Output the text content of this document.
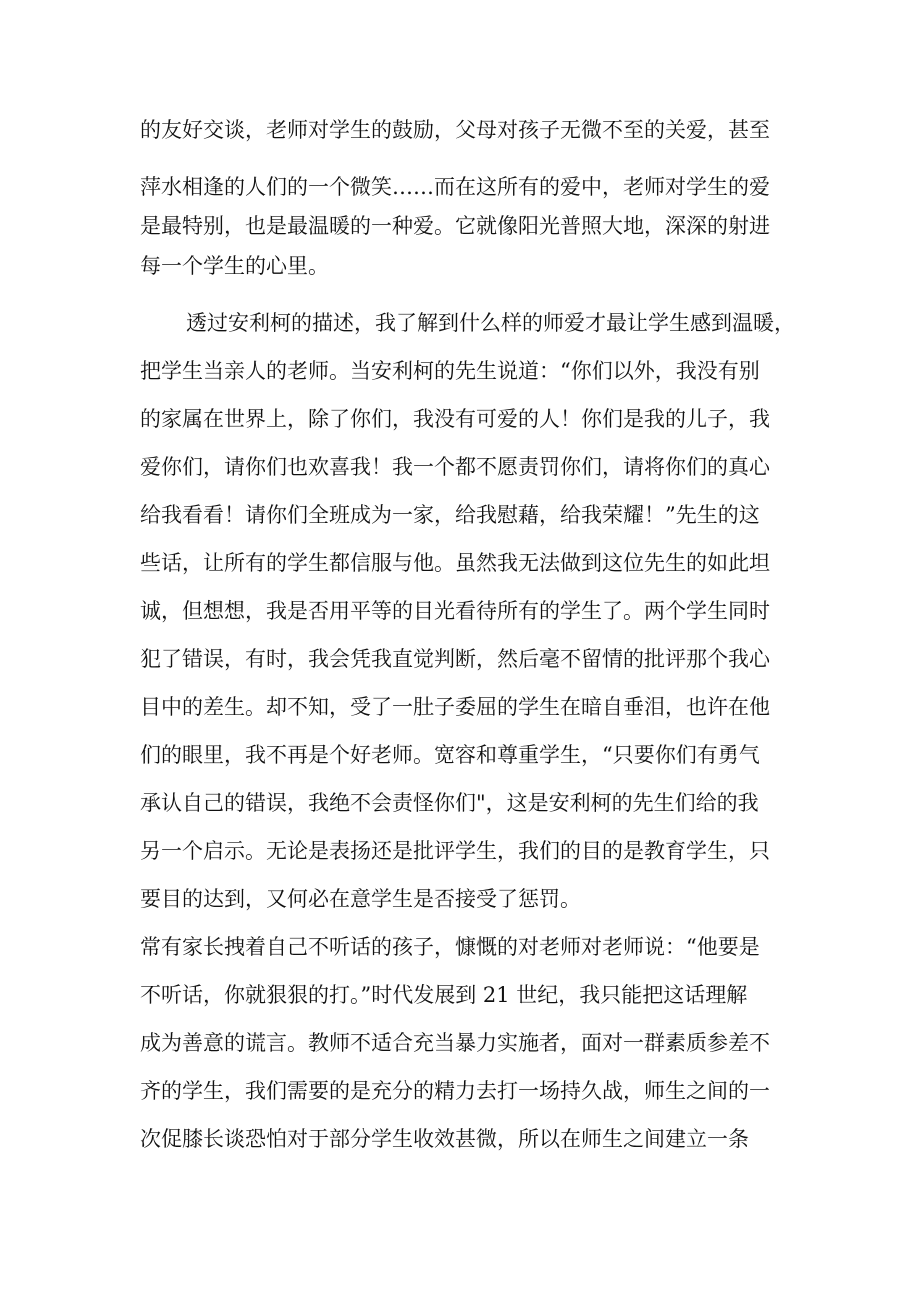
的友好交谈，老师对学生的鼓励，父母对孩子无微不至的关爱，甚至
萍水相逢的人们的一个微笑……而在这所有的爱中，老师对学生的爱
是最特别，也是最温暖的一种爱。它就像阳光普照大地，深深的射进
每一个学生的心里。
透过安利柯的描述，我了解到什么样的师爱才最让学生感到温暖，
把学生当亲人的老师。当安利柯的先生说道：“你们以外，我没有别
的家属在世界上，除了你们，我没有可爱的人！你们是我的儿子，我
爱你们，请你们也欢喜我！我一个都不愿责罚你们，请将你们的真心
给我看看！请你们全班成为一家，给我慰藉，给我荣耀！”先生的这
些话，让所有的学生都信服与他。虽然我无法做到这位先生的如此坦
诚，但想想，我是否用平等的目光看待所有的学生了。两个学生同时
犯了错误，有时，我会凭我直觉判断，然后毫不留情的批评那个我心
目中的差生。却不知，受了一肚子委屈的学生在暗自垂泪，也许在他
们的眼里，我不再是个好老师。宽容和尊重学生，“只要你们有勇气
承认自己的错误，我绝不会责怪你们"，这是安利柯的先生们给的我
另一个启示。无论是表扬还是批评学生，我们的目的是教育学生，只
要目的达到，又何必在意学生是否接受了惩罚。
常有家长拽着自己不听话的孩子，慷慨的对老师对老师说：“他要是
不听话，你就狠狠的打。”时代发展到 21 世纪，我只能把这话理解
成为善意的谎言。教师不适合充当暴力实施者，面对一群素质参差不
齐的学生，我们需要的是充分的精力去打一场持久战，师生之间的一
次促膝长谈恐怕对于部分学生收效甚微，所以在师生之间建立一条
